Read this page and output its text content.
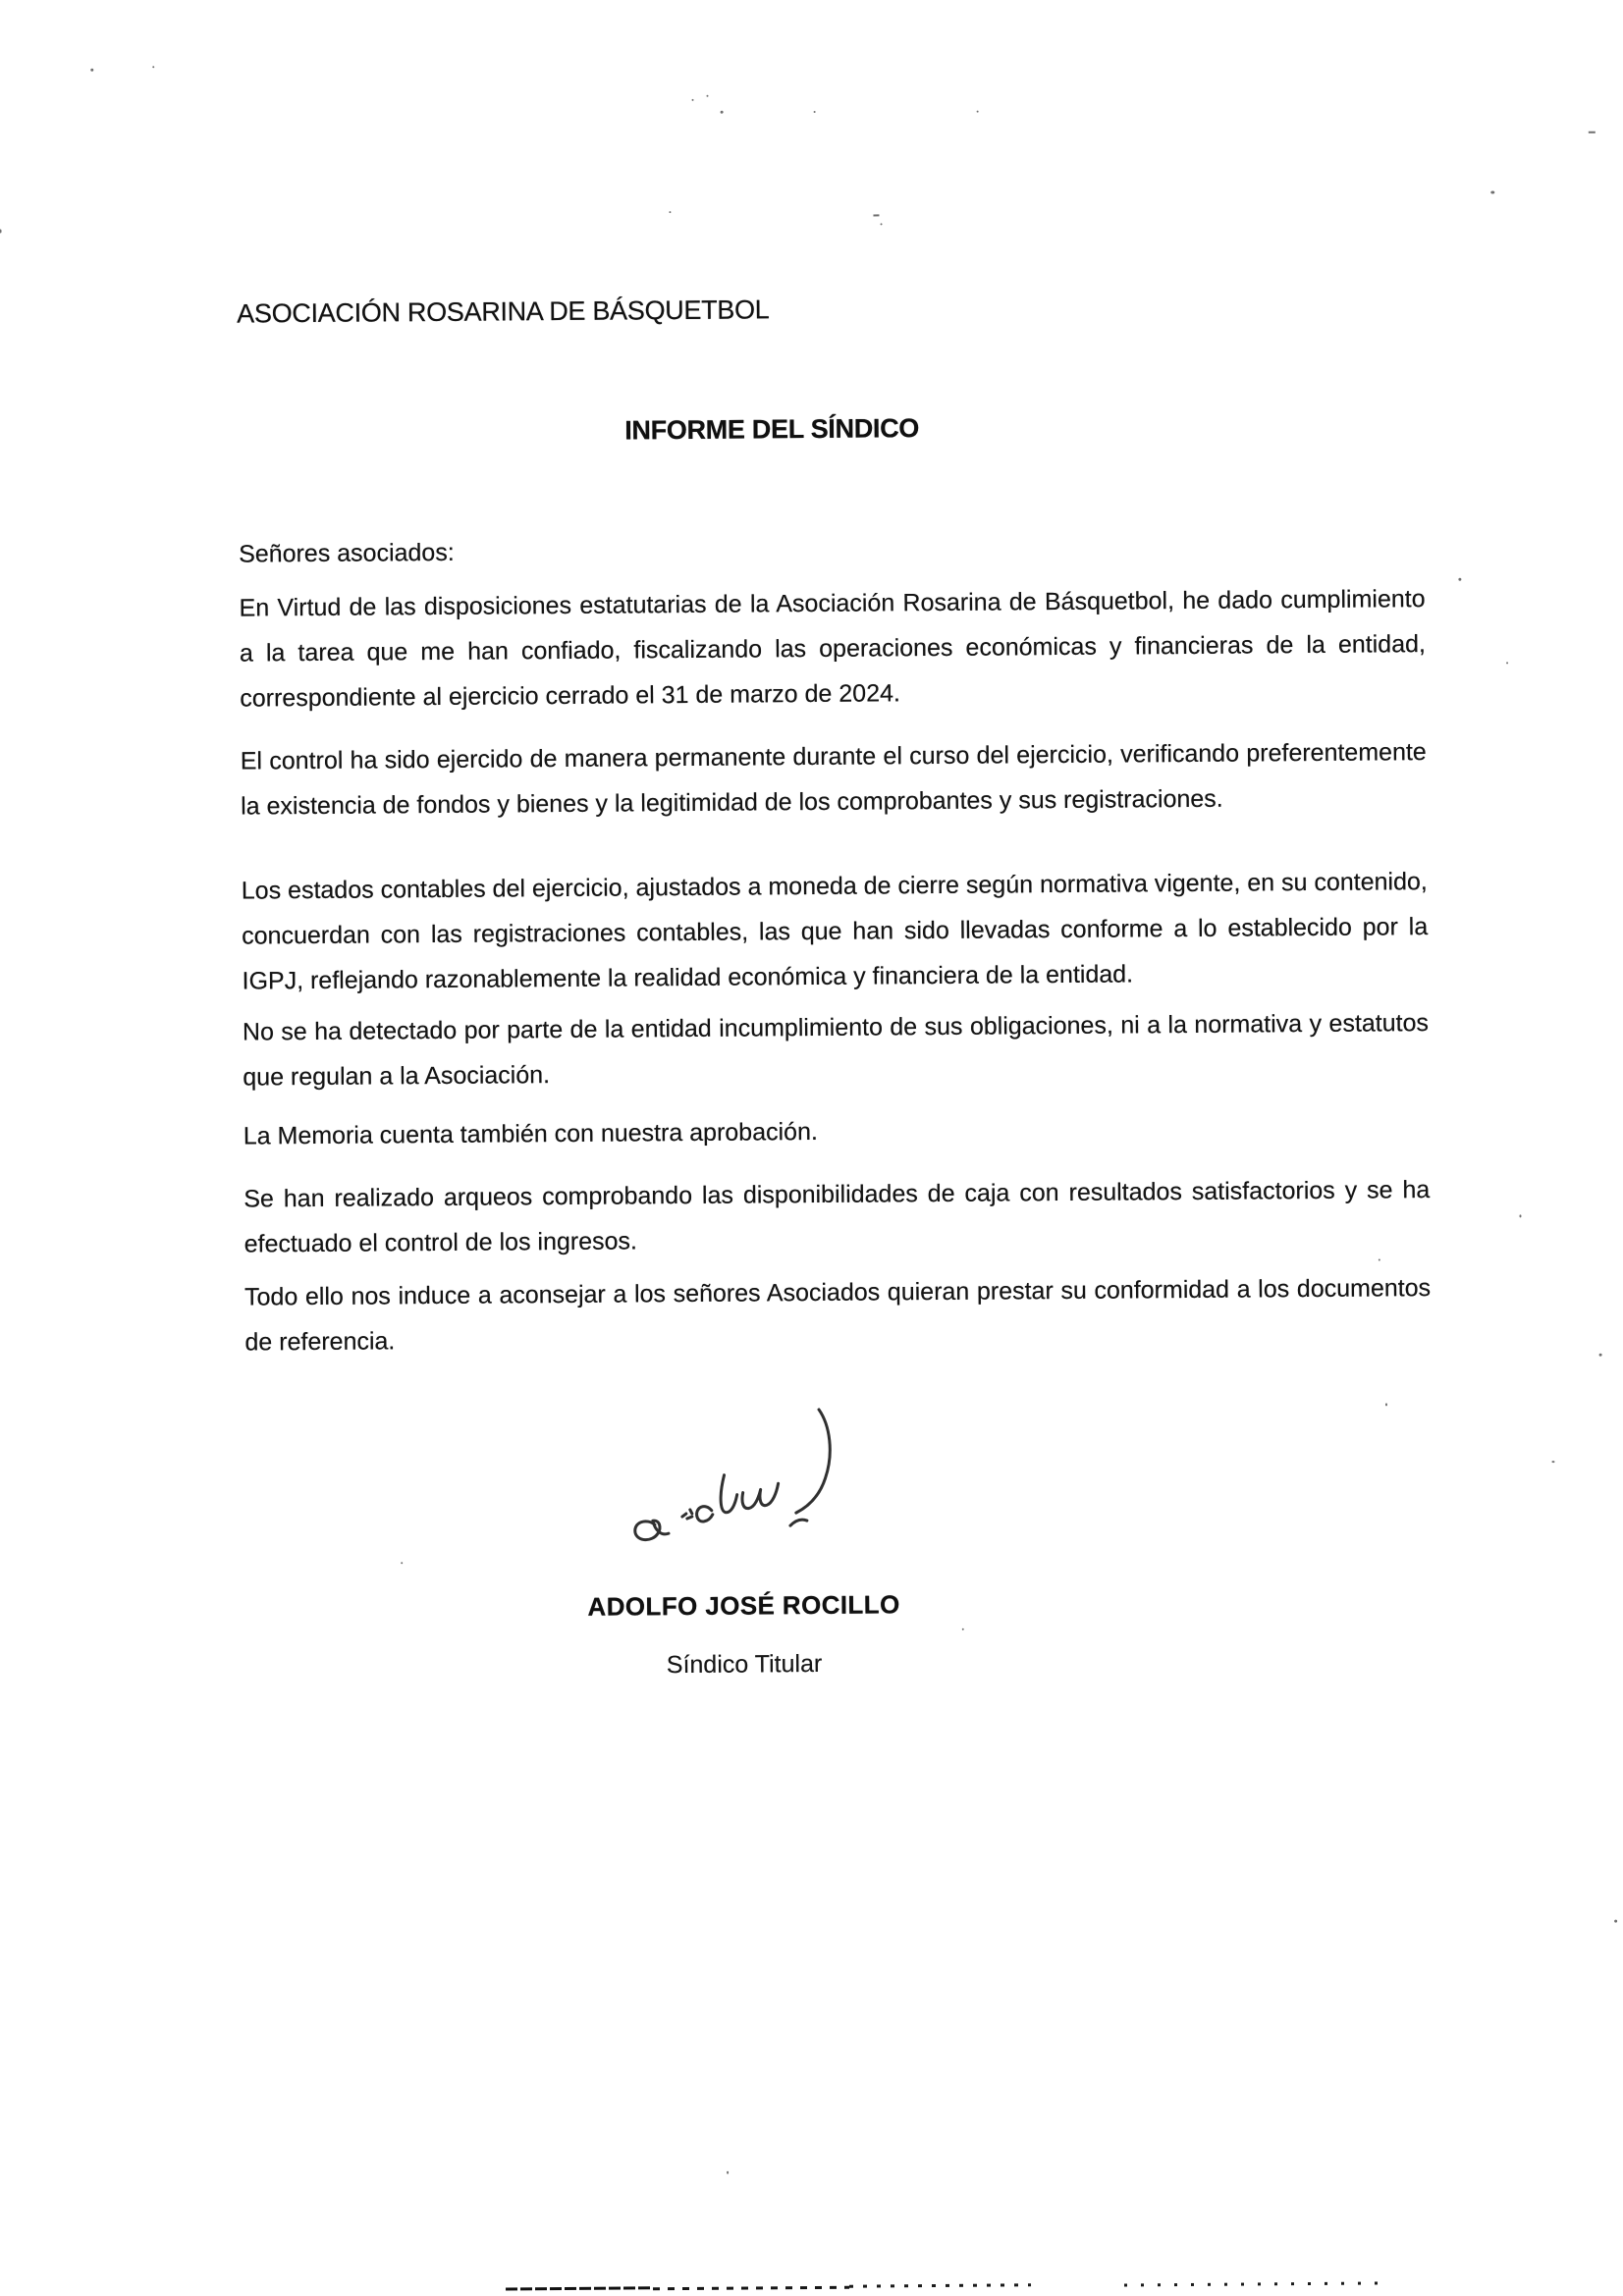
ASOCIACIÓN ROSARINA DE BÁSQUETBOL
INFORME DEL SÍNDICO
Señores asociados:
En Virtud de las disposiciones estatutarias de la Asociación Rosarina de Básquetbol, he dado cumplimiento a la tarea que me han confiado, fiscalizando las operaciones económicas y financieras de la entidad, correspondiente al ejercicio cerrado el 31 de marzo de 2024.
El control ha sido ejercido de manera permanente durante el curso del ejercicio, verificando preferentemente la existencia de fondos y bienes y la legitimidad de los comprobantes y sus registraciones.
Los estados contables del ejercicio, ajustados a moneda de cierre según normativa vigente, en su contenido, concuerdan con las registraciones contables, las que han sido llevadas conforme a lo establecido por la IGPJ, reflejando razonablemente la realidad económica y financiera de la entidad.
No se ha detectado por parte de la entidad incumplimiento de sus obligaciones, ni a la normativa y estatutos que regulan a la Asociación.
La Memoria cuenta también con nuestra aprobación.
Se han realizado arqueos comprobando las disponibilidades de caja con resultados satisfactorios y se ha efectuado el control de los ingresos.
Todo ello nos induce a aconsejar a los señores Asociados quieran prestar su conformidad a los documentos de referencia.
ADOLFO JOSÉ ROCILLO
Síndico Titular
